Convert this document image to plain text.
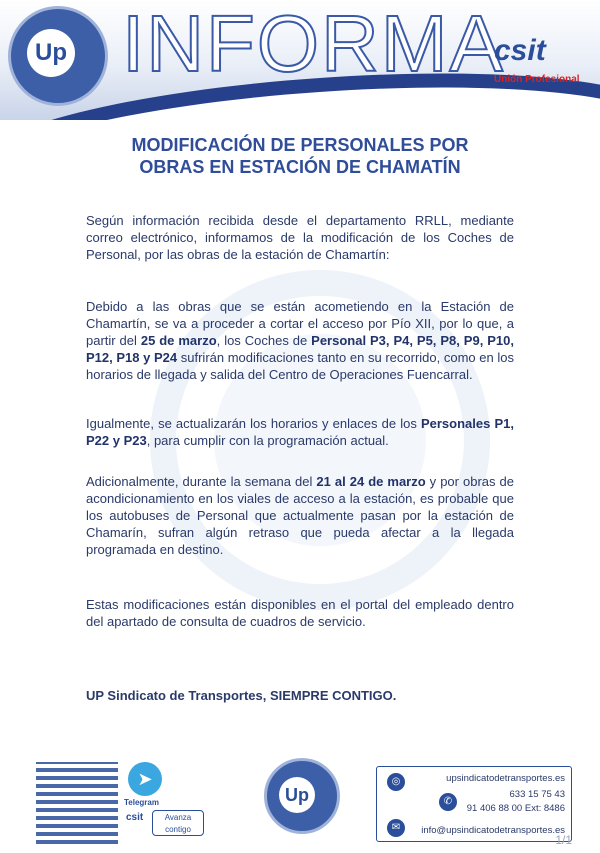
Up INFORMA
csit
Unión Profesional
MODIFICACIÓN DE PERSONALES POR
OBRAS EN ESTACIÓN DE CHAMATÍN
Según información recibida desde el departamento RRLL, mediante correo electrónico, informamos de la modificación de los Coches de Personal, por las obras de la estación de Chamartín:
Debido a las obras que se están acometiendo en la Estación de Chamartín, se va a proceder a cortar el acceso por Pío XII, por lo que, a partir del 25 de marzo, los Coches de Personal P3, P4, P5, P8, P9, P10, P12, P18 y P24 sufrirán modificaciones tanto en su recorrido, como en los horarios de llegada y salida del Centro de Operaciones Fuencarral.
Igualmente, se actualizarán los horarios y enlaces de los Personales P1, P22 y P23, para cumplir con la programación actual.
Adicionalmente, durante la semana del 21 al 24 de marzo y por obras de acondicionamiento en los viales de acceso a la estación, es probable que los autobuses de Personal que actualmente pasan por la estación de Chamarín, sufran algún retraso que pueda afectar a la llegada programada en destino.
Estas modificaciones están disponibles en el portal del empleado dentro del apartado de consulta de cuadros de servicio.
UP Sindicato de Transportes, SIEMPRE CONTIGO.
➤
Telegram
csit	Avanza
contigo
Up
◎	upsindicatodetransportes.es
✆
633 15 75 43
91 406 88 00 Ext: 8486
✉	info@upsindicatodetransportes.es
1/1
